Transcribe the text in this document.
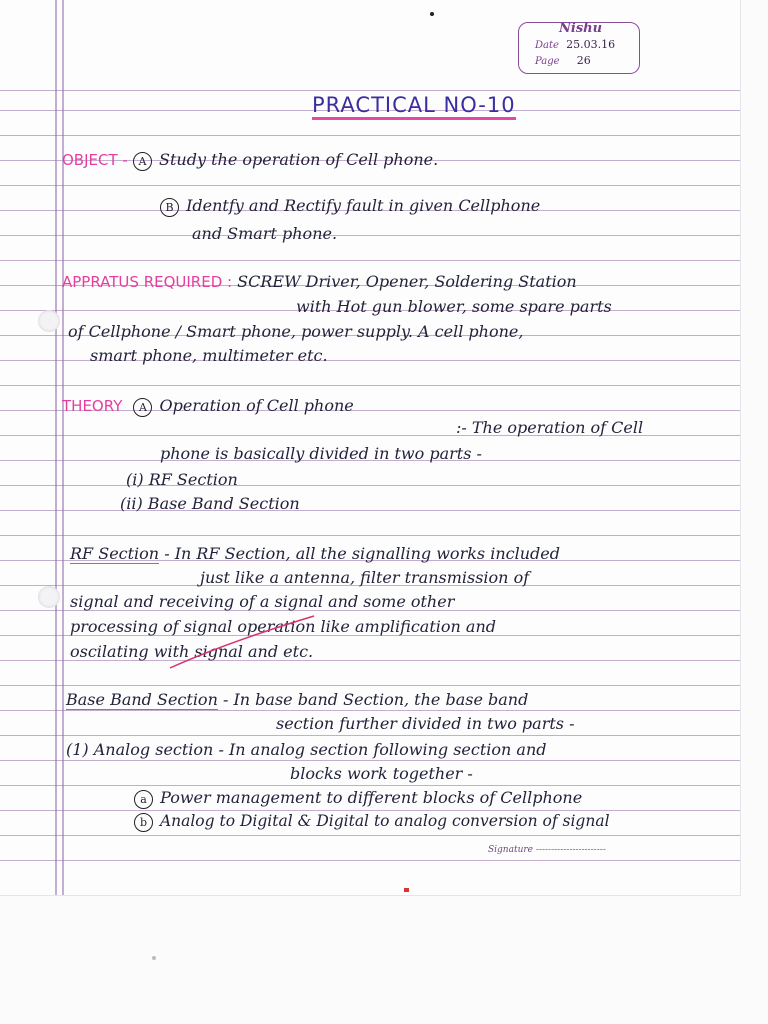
Nishu
Date 25.03.16
Page 26
PRACTICAL NO-10
OBJECT - A Study the operation of Cell phone.
B Identfy and Rectify fault in given Cellphone
and Smart phone.
APPRATUS REQUIRED : SCREW Driver, Opener, Soldering Station
with Hot gun blower, some spare parts
of Cellphone / Smart phone, power supply. A cell phone,
smart phone, multimeter etc.
THEORY A Operation of Cell phone
:- The operation of Cell
phone is basically divided in two parts -
(i) RF Section
(ii) Base Band Section
RF Section - In RF Section, all the signalling works included
just like a antenna, filter transmission of
signal and receiving of a signal and some other
processing of signal operation like amplification and
oscilating with signal and etc.
Base Band Section - In base band Section, the base band
section further divided in two parts -
(1) Analog section - In analog section following section and
blocks work together -
a Power management to different blocks of Cellphone
b Analog to Digital & Digital to analog conversion of signal
Signature -----------------------
